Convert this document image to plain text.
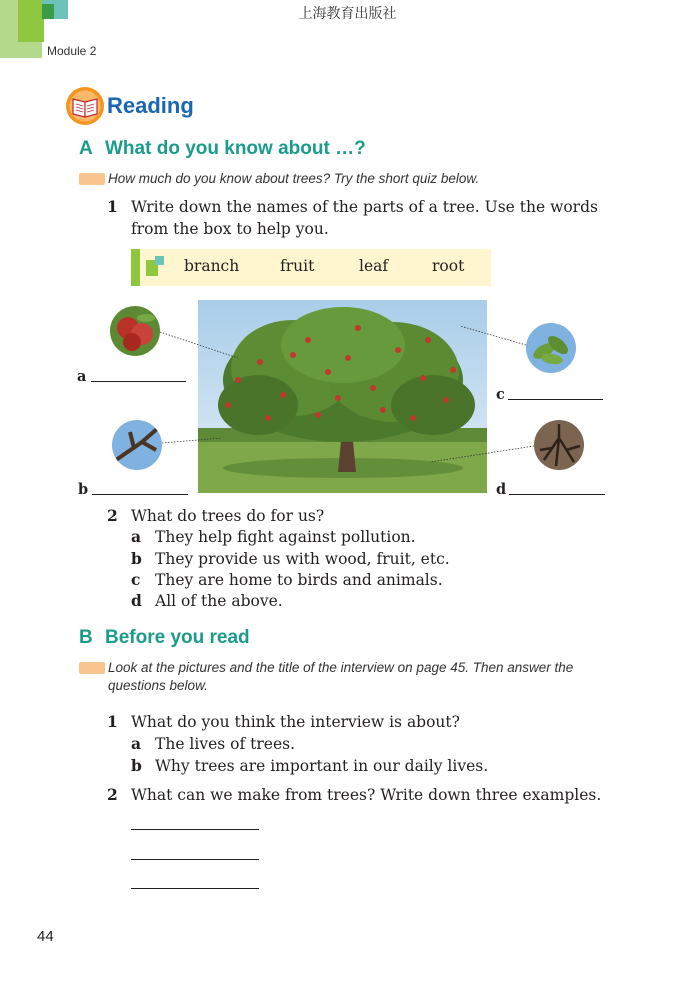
上海教育出版社
Module 2
Reading
A What do you know about …?
How much do you know about trees? Try the short quiz below.
1 Write down the names of the parts of a tree. Use the words from the box to help you.
branch	fruit	leaf	root
a
b
c
d
2 What do trees do for us?
a They help fight against pollution.
b They provide us with wood, fruit, etc.
c They are home to birds and animals.
d All of the above.
B Before you read
Look at the pictures and the title of the interview on page 45. Then answer the questions below.
1 What do you think the interview is about?
a The lives of trees.
b Why trees are important in our daily lives.
2 What can we make from trees? Write down three examples.
44
